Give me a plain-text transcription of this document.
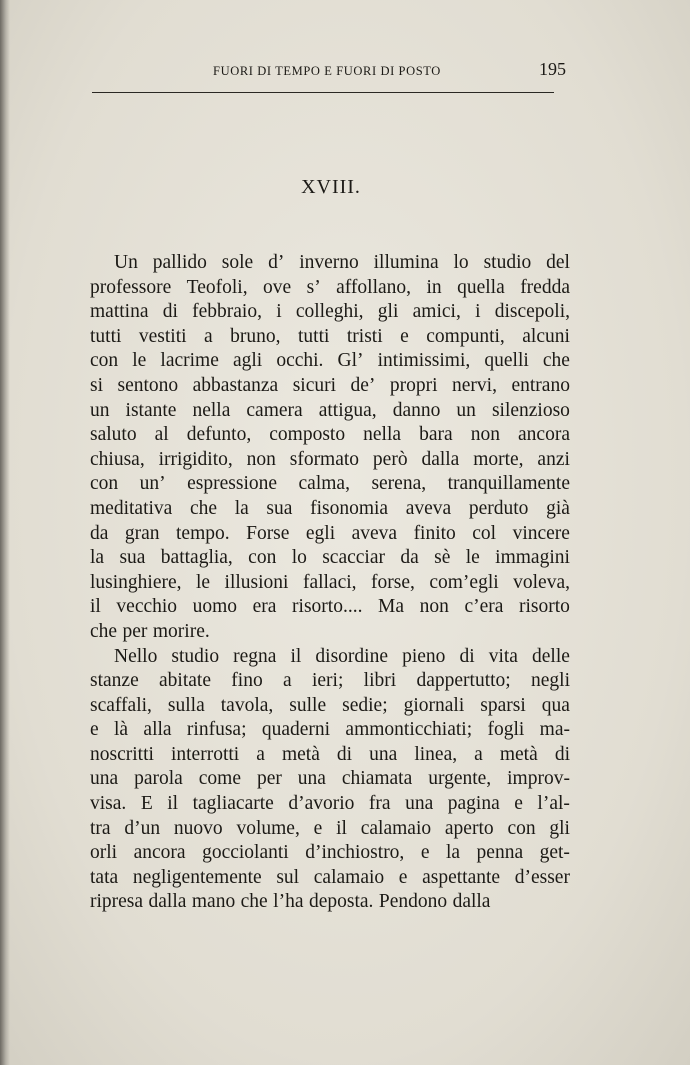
FUORI DI TEMPO E FUORI DI POSTO	195
XVIII.
Un pallido sole d’ inverno illumina lo studio del
professore Teofoli, ove s’ affollano, in quella fredda
mattina di febbraio, i colleghi, gli amici, i discepoli,
tutti vestiti a bruno, tutti tristi e compunti, alcuni
con le lacrime agli occhi. Gl’ intimissimi, quelli che
si sentono abbastanza sicuri de’ propri nervi, entrano
un istante nella camera attigua, danno un silenzioso
saluto al defunto, composto nella bara non ancora
chiusa, irrigidito, non sformato però dalla morte, anzi
con un’ espressione calma, serena, tranquillamente
meditativa che la sua fisonomia aveva perduto già
da gran tempo. Forse egli aveva finito col vincere
la sua battaglia, con lo scacciar da sè le immagini
lusinghiere, le illusioni fallaci, forse, com’egli voleva,
il vecchio uomo era risorto.... Ma non c’era risorto
che per morire.
Nello studio regna il disordine pieno di vita delle
stanze abitate fino a ieri; libri dappertutto; negli
scaffali, sulla tavola, sulle sedie; giornali sparsi qua
e là alla rinfusa; quaderni ammonticchiati; fogli ma-
noscritti interrotti a metà di una linea, a metà di
una parola come per una chiamata urgente, improv-
visa. E il tagliacarte d’avorio fra una pagina e l’al-
tra d’un nuovo volume, e il calamaio aperto con gli
orli ancora gocciolanti d’inchiostro, e la penna get-
tata negligentemente sul calamaio e aspettante d’esser
ripresa dalla mano che l’ha deposta. Pendono dalla
